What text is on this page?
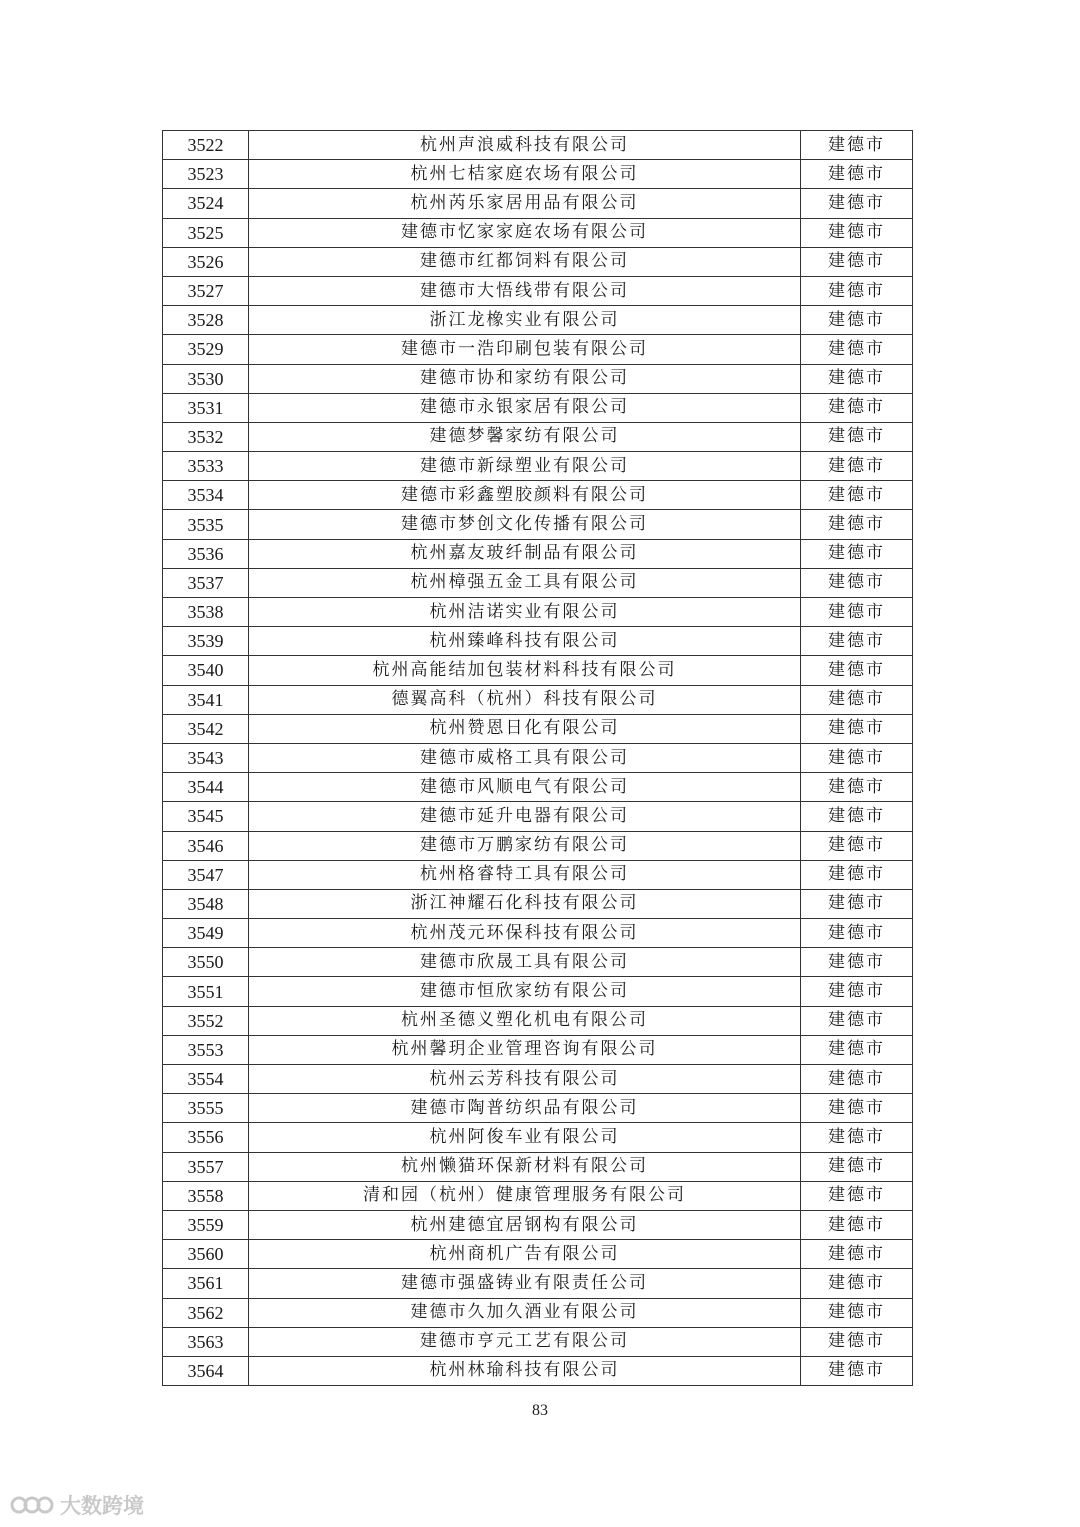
3522	杭州声浪威科技有限公司	建德市
3523	杭州七桔家庭农场有限公司	建德市
3524	杭州芮乐家居用品有限公司	建德市
3525	建德市忆家家庭农场有限公司	建德市
3526	建德市红都饲料有限公司	建德市
3527	建德市大悟线带有限公司	建德市
3528	浙江龙橡实业有限公司	建德市
3529	建德市一浩印刷包装有限公司	建德市
3530	建德市协和家纺有限公司	建德市
3531	建德市永银家居有限公司	建德市
3532	建德梦馨家纺有限公司	建德市
3533	建德市新绿塑业有限公司	建德市
3534	建德市彩鑫塑胶颜料有限公司	建德市
3535	建德市梦创文化传播有限公司	建德市
3536	杭州嘉友玻纤制品有限公司	建德市
3537	杭州樟强五金工具有限公司	建德市
3538	杭州洁诺实业有限公司	建德市
3539	杭州臻峰科技有限公司	建德市
3540	杭州高能结加包装材料科技有限公司	建德市
3541	德翼高科（杭州）科技有限公司	建德市
3542	杭州赞恩日化有限公司	建德市
3543	建德市威格工具有限公司	建德市
3544	建德市风顺电气有限公司	建德市
3545	建德市延升电器有限公司	建德市
3546	建德市万鹏家纺有限公司	建德市
3547	杭州格睿特工具有限公司	建德市
3548	浙江神耀石化科技有限公司	建德市
3549	杭州茂元环保科技有限公司	建德市
3550	建德市欣晟工具有限公司	建德市
3551	建德市恒欣家纺有限公司	建德市
3552	杭州圣德义塑化机电有限公司	建德市
3553	杭州馨玥企业管理咨询有限公司	建德市
3554	杭州云芳科技有限公司	建德市
3555	建德市陶普纺织品有限公司	建德市
3556	杭州阿俊车业有限公司	建德市
3557	杭州懒猫环保新材料有限公司	建德市
3558	清和园（杭州）健康管理服务有限公司	建德市
3559	杭州建德宜居钢构有限公司	建德市
3560	杭州商机广告有限公司	建德市
3561	建德市强盛铸业有限责任公司	建德市
3562	建德市久加久酒业有限公司	建德市
3563	建德市亨元工艺有限公司	建德市
3564	杭州林瑜科技有限公司	建德市
83
大数跨境
